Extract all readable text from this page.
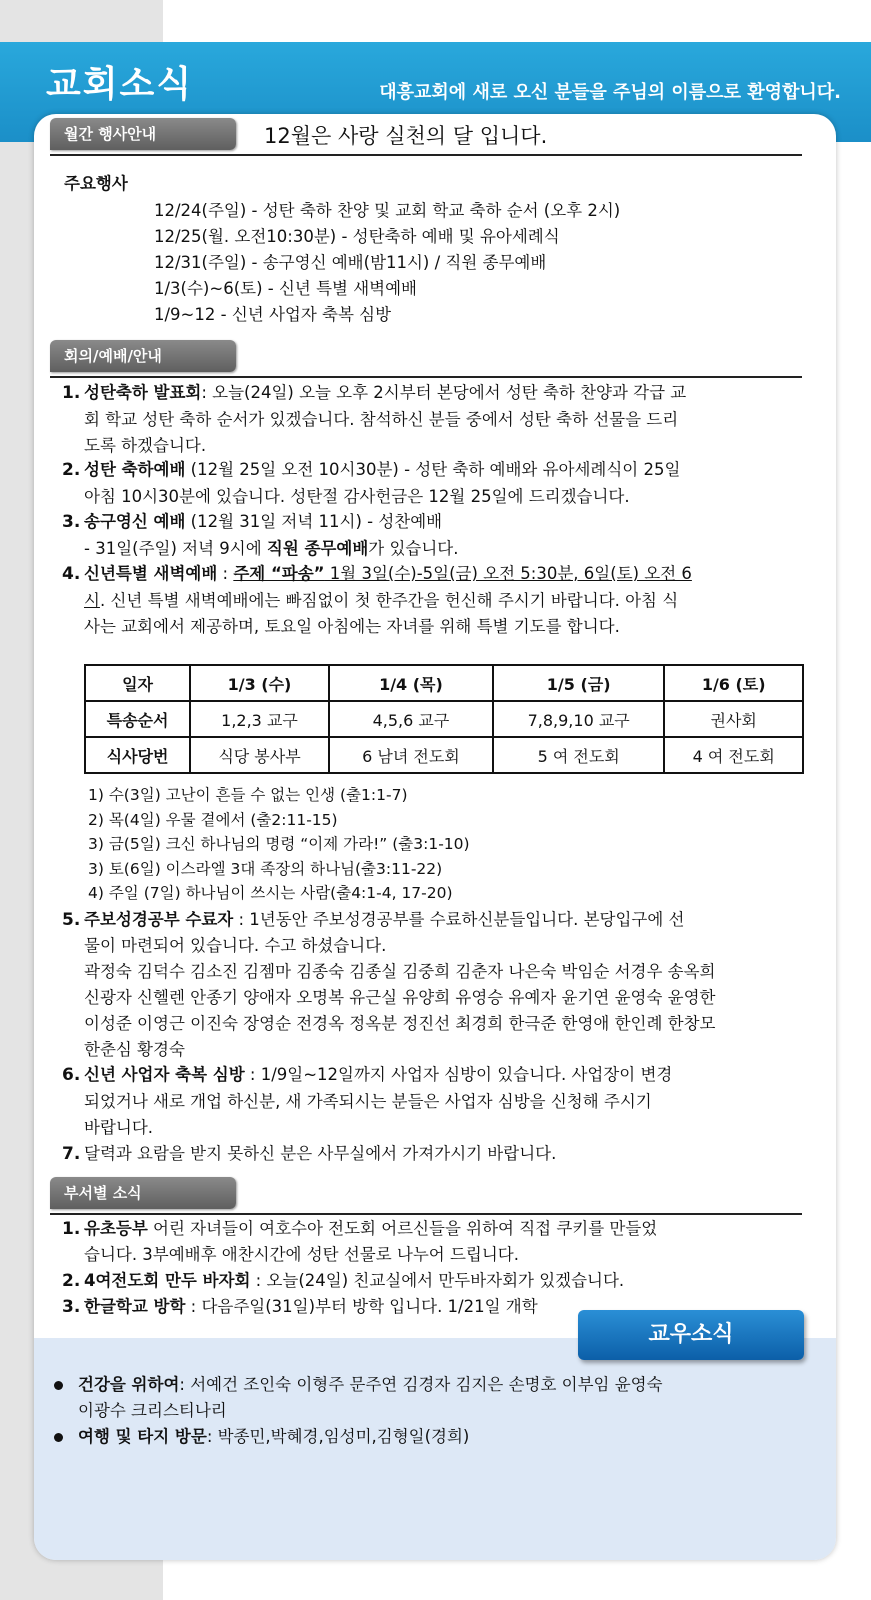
교회소식	대흥교회에 새로 오신 분들을 주님의 이름으로 환영합니다.
월간 행사안내	12월은 사랑 실천의 달 입니다.
주요행사
12/24(주일) - 성탄 축하 찬양 및 교회 학교 축하 순서 (오후 2시)
12/25(월. 오전10:30분) - 성탄축하 예배 및 유아세례식
12/31(주일) - 송구영신 예배(밤11시) / 직원 종무예배
1/3(수)~6(토) - 신년 특별 새벽예배
1/9~12 - 신년 사업자 축복 심방
회의/예배/안내
1. 성탄축하 발표회: 오늘(24일) 오늘 오후 2시부터 본당에서 성탄 축하 찬양과 각급 교
회 학교 성탄 축하 순서가 있겠습니다. 참석하신 분들 중에서 성탄 축하 선물을 드리
도록 하겠습니다.
2. 성탄 축하예배 (12월 25일 오전 10시30분) - 성탄 축하 예배와 유아세례식이 25일
아침 10시30분에 있습니다. 성탄절 감사헌금은 12월 25일에 드리겠습니다.
3. 송구영신 예배 (12월 31일 저녁 11시) - 성찬예배
- 31일(주일) 저녁 9시에 직원 종무예배가 있습니다.
4. 신년특별 새벽예배 : 주제 “파송” 1월 3일(수)-5일(금) 오전 5:30분, 6일(토) 오전 6
시. 신년 특별 새벽예배에는 빠짐없이 첫 한주간을 헌신해 주시기 바랍니다. 아침 식
사는 교회에서 제공하며, 토요일 아침에는 자녀를 위해 특별 기도를 합니다.
일자	1/3 (수)	1/4 (목)	1/5 (금)	1/6 (토)
특송순서	1,2,3 교구	4,5,6 교구	7,8,9,10 교구	권사회
식사당번	식당 봉사부	6 남녀 전도회	5 여 전도회	4 여 전도회
1) 수(3일) 고난이 흔들 수 없는 인생 (출1:1-7)
2) 목(4일) 우물 곁에서 (출2:11-15)
3) 금(5일) 크신 하나님의 명령 “이제 가라!” (출3:1-10)
3) 토(6일) 이스라엘 3대 족장의 하나님(출3:11-22)
4) 주일 (7일) 하나님이 쓰시는 사람(출4:1-4, 17-20)
5. 주보성경공부 수료자 : 1년동안 주보성경공부를 수료하신분들입니다. 본당입구에 선
물이 마련되어 있습니다. 수고 하셨습니다.
곽정숙 김덕수 김소진 김젬마 김종숙 김종실 김중희 김춘자 나은숙 박임순 서경우 송옥희
신광자 신헬렌 안종기 양애자 오명복 유근실 유양희 유영승 유예자 윤기연 윤영숙 윤영한
이성준 이영근 이진숙 장영순 전경옥 정옥분 정진선 최경희 한극준 한영애 한인례 한창모
한춘심 황경숙
6. 신년 사업자 축복 심방 : 1/9일~12일까지 사업자 심방이 있습니다. 사업장이 변경
되었거나 새로 개업 하신분, 새 가족되시는 분들은 사업자 심방을 신청해 주시기
바랍니다.
7. 달력과 요람을 받지 못하신 분은 사무실에서 가져가시기 바랍니다.
부서별 소식
1. 유초등부 어린 자녀들이 여호수아 전도회 어르신들을 위하여 직접 쿠키를 만들었
습니다. 3부예배후 애찬시간에 성탄 선물로 나누어 드립니다.
2. 4여전도회 만두 바자회 : 오늘(24일) 친교실에서 만두바자회가 있겠습니다.
3. 한글학교 방학 : 다음주일(31일)부터 방학 입니다. 1/21일 개학
교우소식
건강을 위하여: 서예건 조인숙 이형주 문주연 김경자 김지은 손명호 이부임 윤영숙
이광수 크리스티나리
여행 및 타지 방문: 박종민,박혜경,임성미,김형일(경희)
